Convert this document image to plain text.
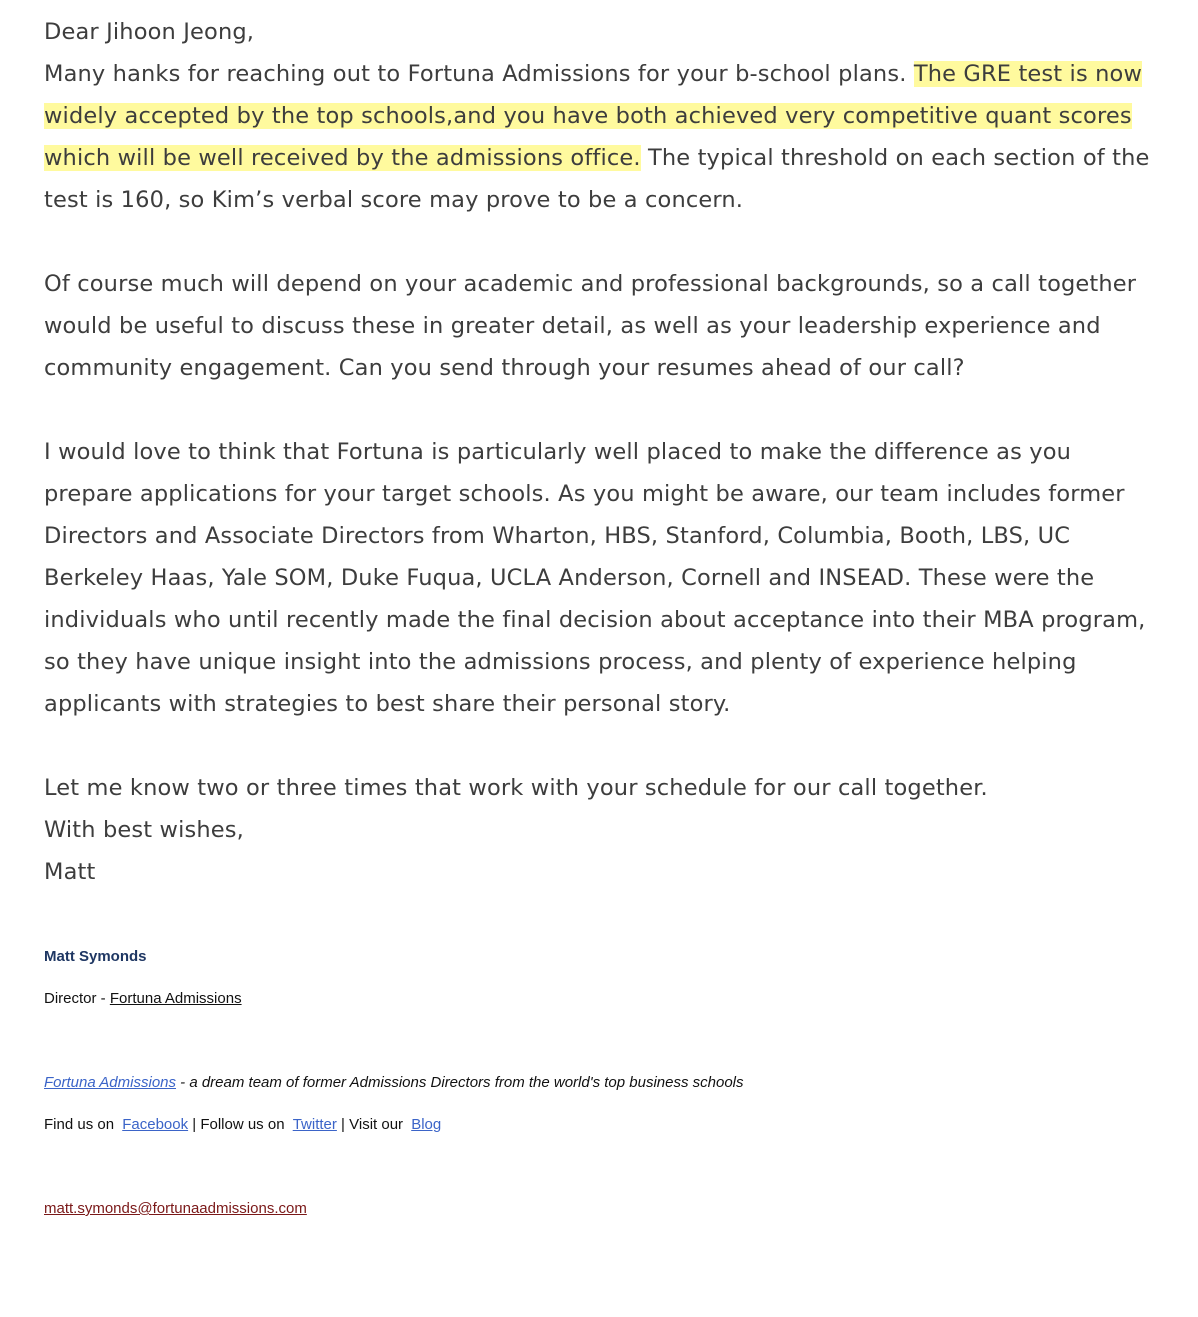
Dear Jihoon Jeong,

Many hanks for reaching out to Fortuna Admissions for your b-school plans. The GRE test is now widely accepted by the top schools,and you have both achieved very competitive quant scores which will be well received by the admissions office. The typical threshold on each section of the test is 160, so Kim’s verbal score may prove to be a concern.

Of course much will depend on your academic and professional backgrounds, so a call together would be useful to discuss these in greater detail, as well as your leadership experience and community engagement. Can you send through your resumes ahead of our call?

I would love to think that Fortuna is particularly well placed to make the difference as you prepare applications for your target schools. As you might be aware, our team includes former Directors and Associate Directors from Wharton, HBS, Stanford, Columbia, Booth, LBS, UC Berkeley Haas, Yale SOM, Duke Fuqua, UCLA Anderson, Cornell and INSEAD. These were the individuals who until recently made the final decision about acceptance into their MBA program, so they have unique insight into the admissions process, and plenty of experience helping applicants with strategies to best share their personal story.

Let me know two or three times that work with your schedule for our call together.

With best wishes,

Matt

Matt Symonds
Director - Fortuna Admissions
Fortuna Admissions - a dream team of former Admissions Directors from the world's top business schools
Find us on Facebook | Follow us on Twitter | Visit our Blog
matt.symonds@fortunaadmissions.com
